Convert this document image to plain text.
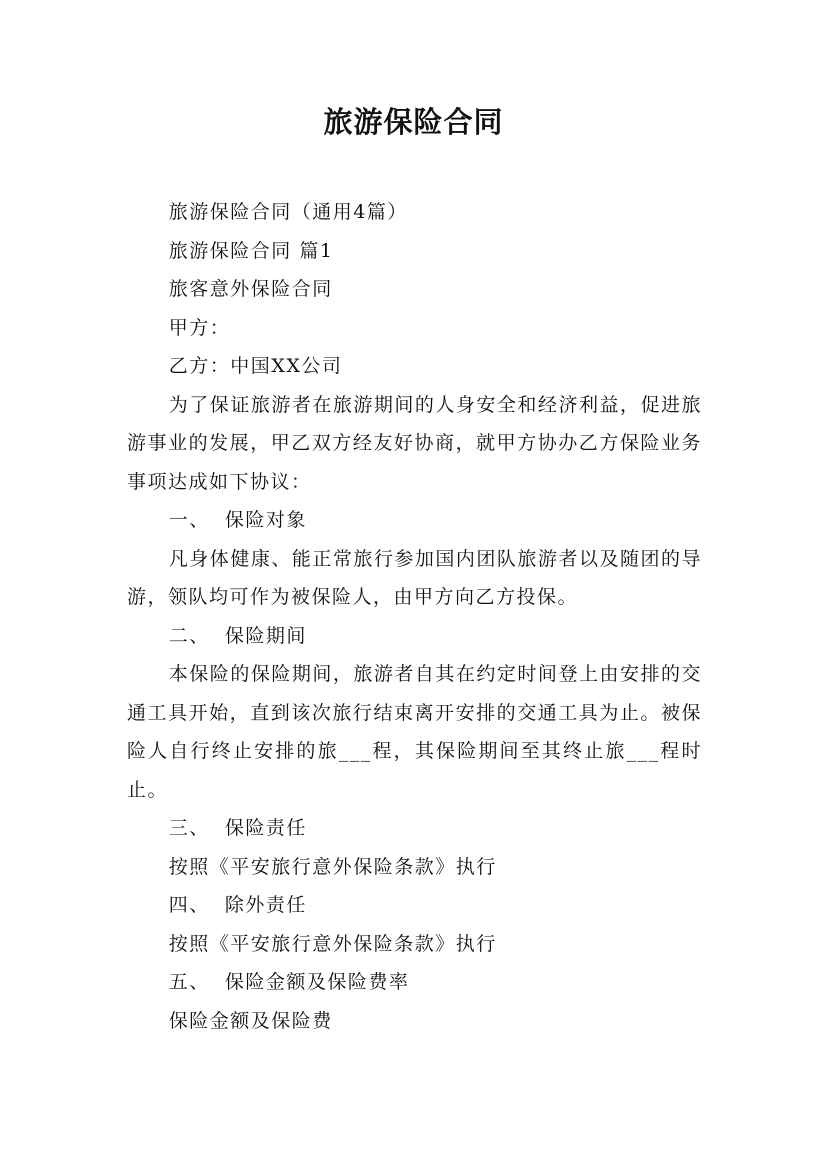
旅游保险合同

旅游保险合同（通用4篇）

旅游保险合同 篇1

旅客意外保险合同

甲方：

乙方：中国XX公司

为了保证旅游者在旅游期间的人身安全和经济利益，促进旅游事业的发展，甲乙双方经友好协商，就甲方协办乙方保险业务事项达成如下协议：

一、  保险对象

凡身体健康、能正常旅行参加国内团队旅游者以及随团的导游，领队均可作为被保险人，由甲方向乙方投保。

二、  保险期间

本保险的保险期间，旅游者自其在约定时间登上由安排的交通工具开始，直到该次旅行结束离开安排的交通工具为止。被保险人自行终止安排的旅___程，其保险期间至其终止旅___程时止。

三、  保险责任

按照《平安旅行意外保险条款》执行

四、  除外责任

按照《平安旅行意外保险条款》执行

五、  保险金额及保险费率

保险金额及保险费
